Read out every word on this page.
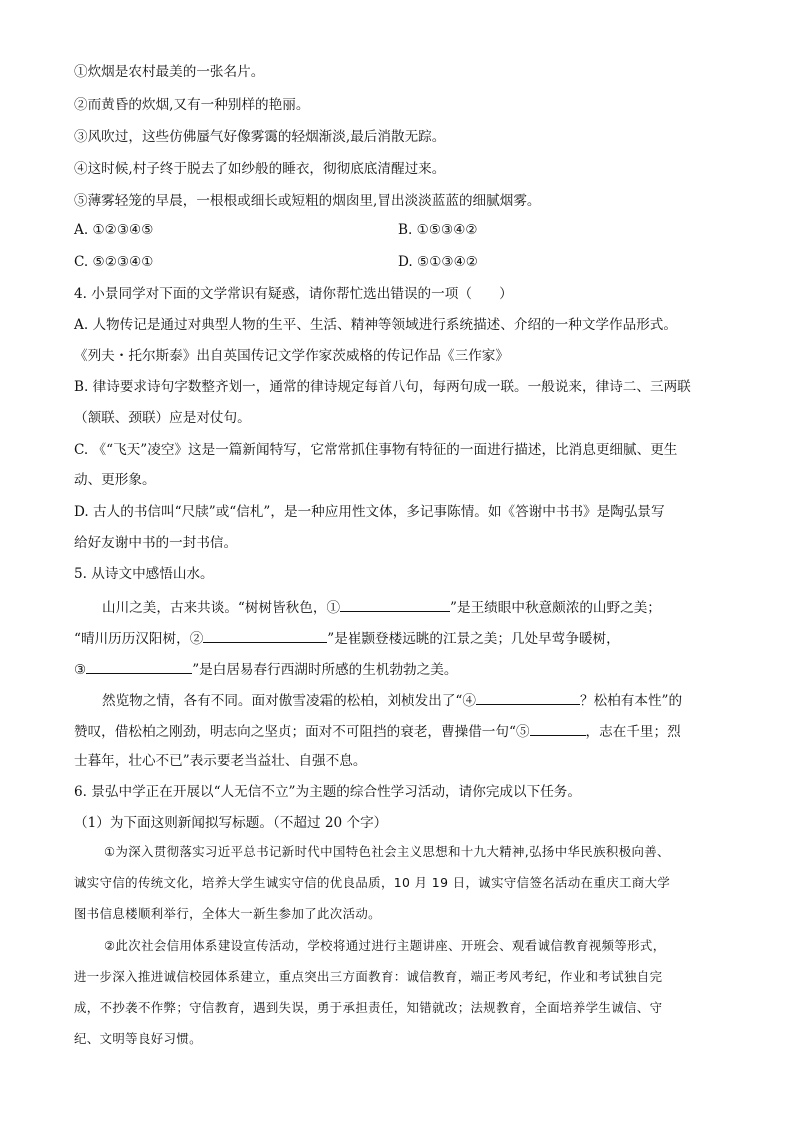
①炊烟是农村最美的一张名片。
②而黄昏的炊烟,又有一种别样的艳丽。
③风吹过，这些仿佛蜃气好像雾霭的轻烟渐淡,最后消散无踪。
④这时候,村子终于脱去了如纱般的睡衣，彻彻底底清醒过来。
⑤薄雾轻笼的早晨，一根根或细长或短粗的烟囱里,冒出淡淡蓝蓝的细腻烟雾。
A. ①②③④⑤	B. ①⑤③④②
C. ⑤②③④①	D. ⑤①③④②
4. 小景同学对下面的文学常识有疑惑，请你帮忙选出错误的一项（　　）
A. 人物传记是通过对典型人物的生平、生活、精神等领域进行系统描述、介绍的一种文学作品形式。
《列夫・托尔斯泰》出自英国传记文学作家茨威格的传记作品《三作家》
B. 律诗要求诗句字数整齐划一，通常的律诗规定每首八句，每两句成一联。一般说来，律诗二、三两联
（颔联、颈联）应是对仗句。
C. 《“飞天”凌空》这是一篇新闻特写，它常常抓住事物有特征的一面进行描述，比消息更细腻、更生
动、更形象。
D. 古人的书信叫“尺牍”或“信札”，是一种应用性文体，多记事陈情。如《答谢中书书》是陶弘景写
给好友谢中书的一封书信。
5. 从诗文中感悟山水。
山川之美，古来共谈。“树树皆秋色，①	”是王绩眼中秋意颇浓的山野之美；
“晴川历历汉阳树，②	”是崔颢登楼远眺的江景之美；几处早莺争暖树，
③	”是白居易春行西湖时所感的生机勃勃之美。
然览物之情，各有不同。面对傲雪凌霜的松柏，刘桢发出了“④	？松柏有本性”的
赞叹，借松柏之刚劲，明志向之坚贞；面对不可阻挡的衰老，曹操借一句“⑤	，志在千里；烈
士暮年，壮心不已”表示要老当益壮、自强不息。
6. 景弘中学正在开展以“人无信不立”为主题的综合性学习活动，请你完成以下任务。
（1）为下面这则新闻拟写标题。（不超过 20 个字）
①为深入贯彻落实习近平总书记新时代中国特色社会主义思想和十九大精神,弘扬中华民族积极向善、
诚实守信的传统文化，培养大学生诚实守信的优良品质，10 月 19 日，诚实守信签名活动在重庆工商大学
图书信息楼顺利举行，全体大一新生参加了此次活动。
②此次社会信用体系建设宣传活动，学校将通过进行主题讲座、开班会、观看诚信教育视频等形式，
进一步深入推进诚信校园体系建立，重点突出三方面教育：诚信教育，端正考风考纪，作业和考试独自完
成，不抄袭不作弊；守信教育，遇到失误，勇于承担责任，知错就改；法规教育，全面培养学生诚信、守
纪、文明等良好习惯。
